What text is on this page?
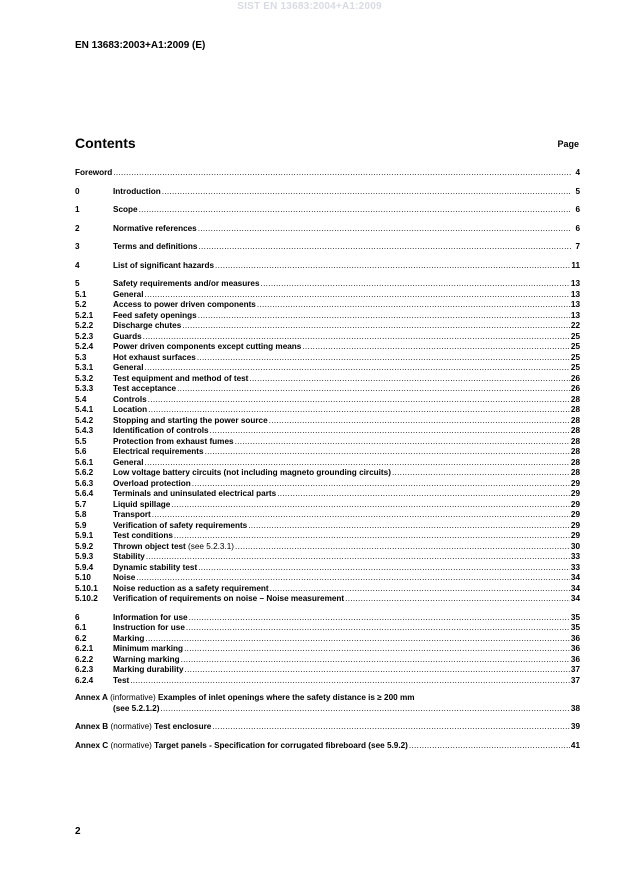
SIST EN 13683:2004+A1:2009
EN 13683:2003+A1:2009 (E)
Contents	Page
Foreword .....	4
0	Introduction .....	5
1	Scope .....	6
2	Normative references .....	6
3	Terms and definitions .....	7
4	List of significant hazards .....	11
5	Safety requirements and/or measures .....	13
5.1	General .....	13
5.2	Access to power driven components .....	13
5.2.1	Feed safety openings .....	13
5.2.2	Discharge chutes .....	22
5.2.3	Guards .....	25
5.2.4	Power driven components except cutting means .....	25
5.3	Hot exhaust surfaces .....	25
5.3.1	General .....	25
5.3.2	Test equipment and method of test .....	26
5.3.3	Test acceptance .....	26
5.4	Controls .....	28
5.4.1	Location .....	28
5.4.2	Stopping and starting the power source .....	28
5.4.3	Identification of controls .....	28
5.5	Protection from exhaust fumes .....	28
5.6	Electrical requirements .....	28
5.6.1	General .....	28
5.6.2	Low voltage battery circuits (not including magneto grounding circuits) .....	28
5.6.3	Overload protection .....	29
5.6.4	Terminals and uninsulated electrical parts .....	29
5.7	Liquid spillage .....	29
5.8	Transport .....	29
5.9	Verification of safety requirements .....	29
5.9.1	Test conditions .....	29
5.9.2	Thrown object test (see 5.2.3.1) .....	30
5.9.3	Stability .....	33
5.9.4	Dynamic stability test .....	33
5.10	Noise .....	34
5.10.1	Noise reduction as a safety requirement .....	34
5.10.2	Verification of requirements on noise – Noise measurement .....	34
6	Information for use .....	35
6.1	Instruction for use .....	35
6.2	Marking .....	36
6.2.1	Minimum marking .....	36
6.2.2	Warning marking .....	36
6.2.3	Marking durability .....	37
6.2.4	Test .....	37
Annex A (informative) Examples of inlet openings where the safety distance is ≥ 200 mm
(see 5.2.1.2) .....	38
Annex B (normative) Test enclosure .....	39
Annex C (normative) Target panels - Specification for corrugated fibreboard (see 5.9.2) .....	41
2
